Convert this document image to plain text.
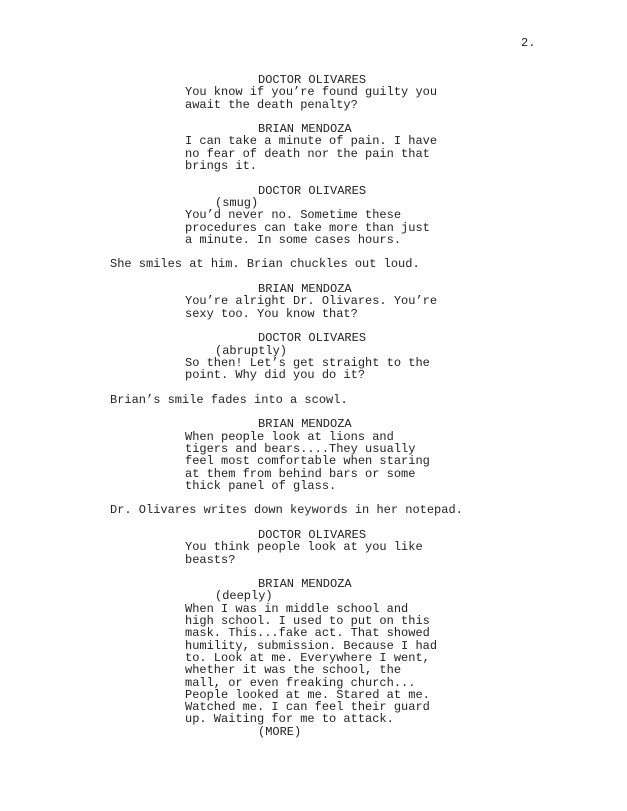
2.
DOCTOR OLIVARES
You know if you’re found guilty you
await the death penalty?
BRIAN MENDOZA
I can take a minute of pain. I have
no fear of death nor the pain that
brings it.
DOCTOR OLIVARES
(smug)
You’d never no. Sometime these
procedures can take more than just
a minute. In some cases hours.
She smiles at him. Brian chuckles out loud.
BRIAN MENDOZA
You’re alright Dr. Olivares. You’re
sexy too. You know that?
DOCTOR OLIVARES
(abruptly)
So then! Let’s get straight to the
point. Why did you do it?
Brian’s smile fades into a scowl.
BRIAN MENDOZA
When people look at lions and
tigers and bears....They usually
feel most comfortable when staring
at them from behind bars or some
thick panel of glass.
Dr. Olivares writes down keywords in her notepad.
DOCTOR OLIVARES
You think people look at you like
beasts?
BRIAN MENDOZA
(deeply)
When I was in middle school and
high school. I used to put on this
mask. This...fake act. That showed
humility, submission. Because I had
to. Look at me. Everywhere I went,
whether it was the school, the
mall, or even freaking church...
People looked at me. Stared at me.
Watched me. I can feel their guard
up. Waiting for me to attack.
(MORE)
